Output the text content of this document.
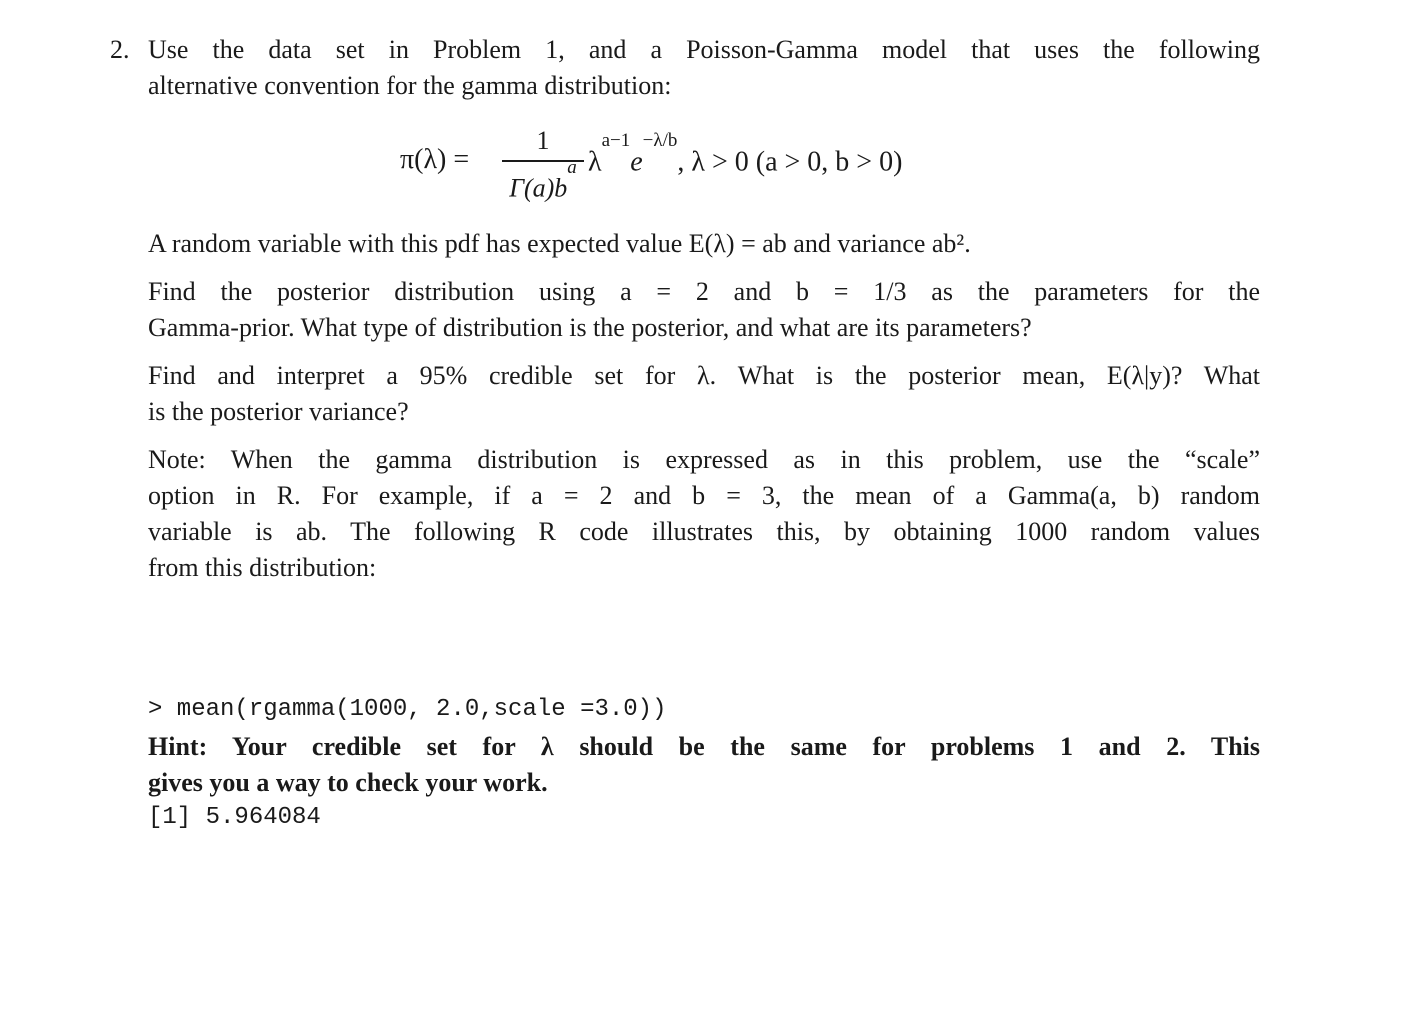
2. Use the data set in Problem 1, and a Poisson-Gamma model that uses the following
alternative convention for the gamma distribution:
π(λ) =
1
$\Gamma(a)b^a$ $\lambda^{a-1}e^{-\lambda/b}$, λ > 0 (a > 0, b > 0)
A random variable with this pdf has expected value E(λ) = ab and variance ab².
Find the posterior distribution using a = 2 and b = 1/3 as the parameters for the
Gamma-prior. What type of distribution is the posterior, and what are its parameters?
Find and interpret a 95% credible set for λ. What is the posterior mean, E(λ|y)? What
is the posterior variance?
Note: When the gamma distribution is expressed as in this problem, use the “scale”
option in R. For example, if a = 2 and b = 3, the mean of a Gamma(a, b) random
variable is ab. The following R code illustrates this, by obtaining 1000 random values
from this distribution:

> mean(rgamma(1000, 2.0,scale =3.0))

[1] 5.964084

Hint: Your credible set for λ should be the same for problems 1 and 2. This
gives you a way to check your work.
